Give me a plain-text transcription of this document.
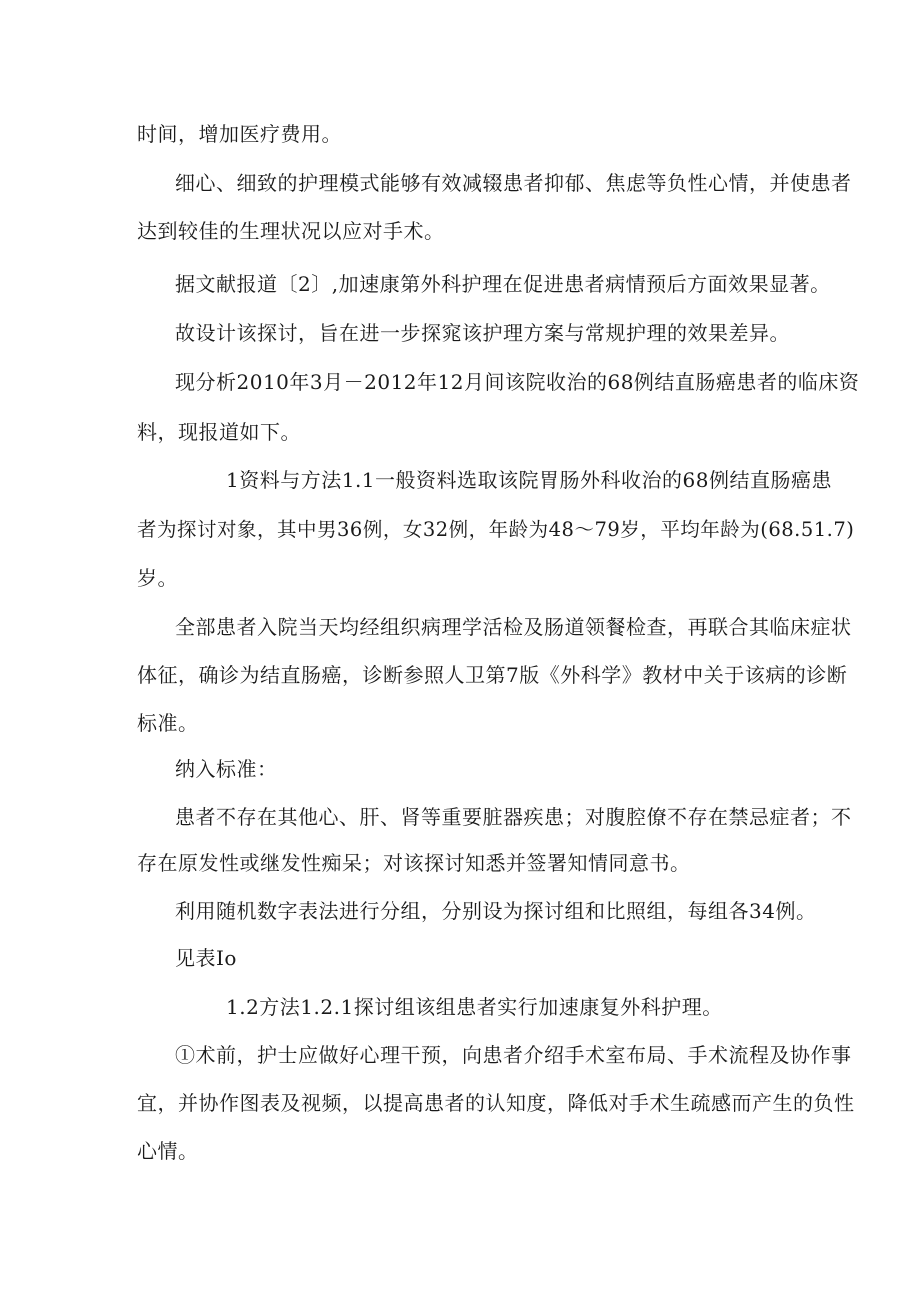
时间，增加医疗费用。
细心、细致的护理模式能够有效减辍患者抑郁、焦虑等负性心情，并使患者
达到较佳的生理状况以应对手术。
据文献报道〔2〕,加速康第外科护理在促进患者病情预后方面效果显著。
故设计该探讨，旨在进一步探窕该护理方案与常规护理的效果差异。
现分析2010年3月－2012年12月间该院收治的68例结直肠癌患者的临床资
料，现报道如下。
1资料与方法1.1一般资料选取该院胃肠外科收治的68例结直肠癌患
者为探讨对象，其中男36例，女32例，年龄为48～79岁，平均年龄为(68.51.7)
岁。
全部患者入院当天均经组织病理学活检及肠道领餐检查，再联合其临床症状
体征，确诊为结直肠癌，诊断参照人卫第7版《外科学》教材中关于该病的诊断
标准。
纳入标准：
患者不存在其他心、肝、肾等重要脏器疾患；对腹腔僚不存在禁忌症者；不
存在原发性或继发性痴呆；对该探讨知悉并签署知情同意书。
利用随机数字表法进行分组，分别设为探讨组和比照组，每组各34例。
见表Io
1.2方法1.2.1探讨组该组患者实行加速康复外科护理。
①术前，护士应做好心理干预，向患者介绍手术室布局、手术流程及协作事
宜，并协作图表及视频，以提高患者的认知度，降低对手术生疏感而产生的负性
心情。
